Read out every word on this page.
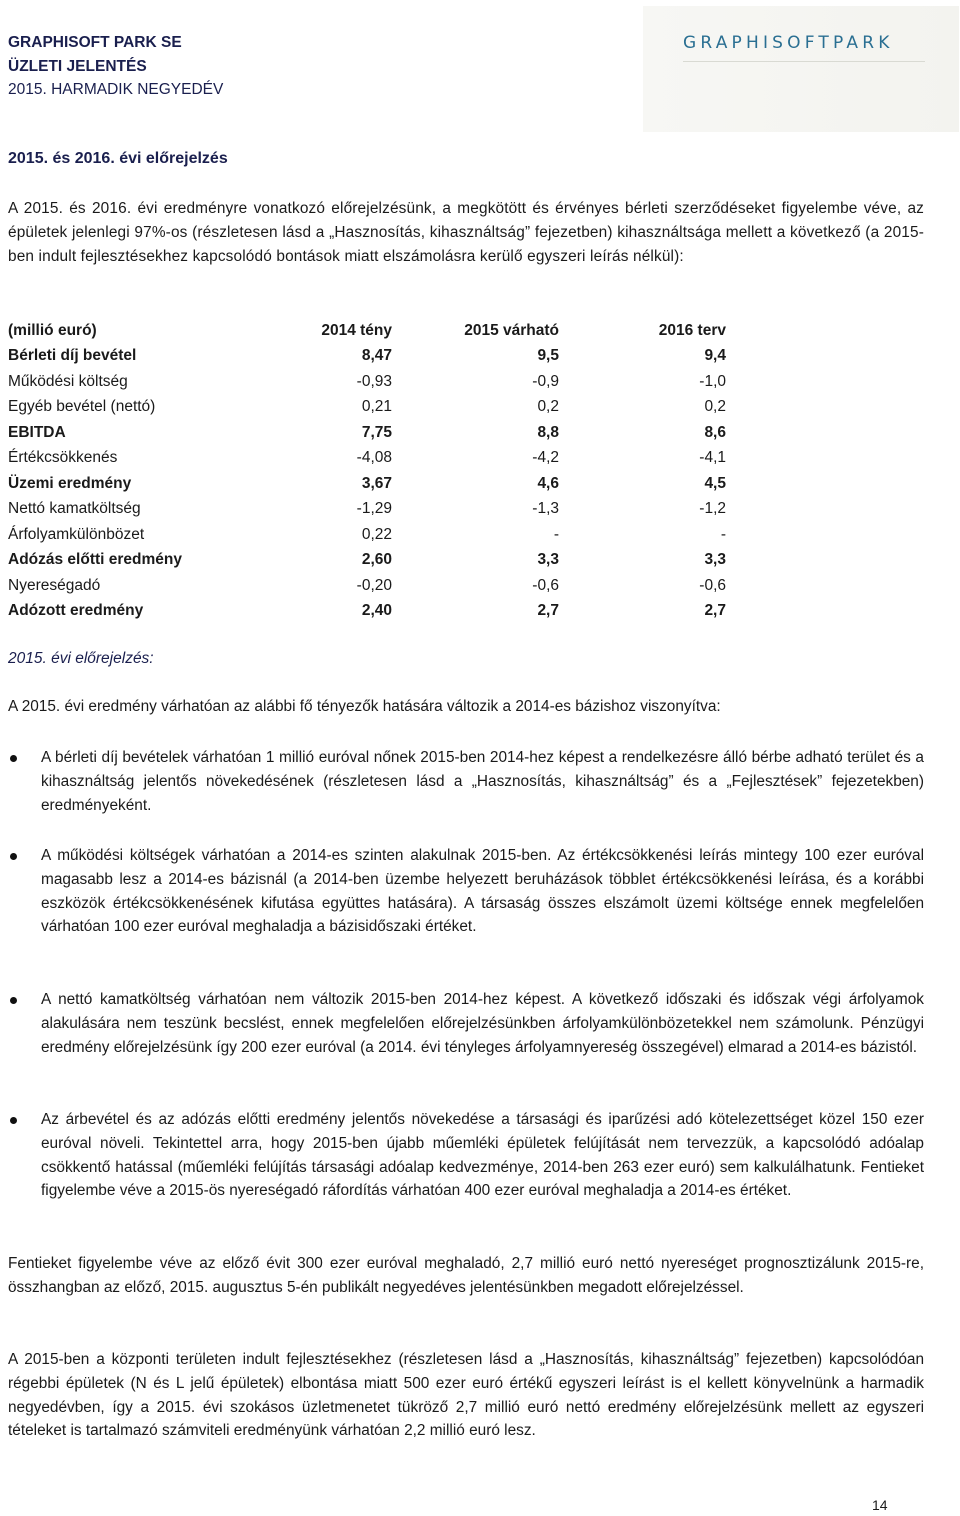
GRAPHISOFT PARK SE
ÜZLETI JELENTÉS
2015. HARMADIK NEGYEDÉV
GRAPHISOFTPARK
2015. és 2016. évi előrejelzés
A 2015. és 2016. évi eredményre vonatkozó előrejelzésünk, a megkötött és érvényes bérleti szerződéseket figyelembe véve, az épületek jelenlegi 97%-os (részletesen lásd a „Hasznosítás, kihasználtság” fejezetben) kihasználtsága mellett a következő (a 2015-ben indult fejlesztésekhez kapcsolódó bontások miatt elszámolásra kerülő egyszeri leírás nélkül):
(millió euró)	2014 tény	2015 várható	2016 terv
Bérleti díj bevétel	8,47	9,5	9,4
Működési költség	-0,93	-0,9	-1,0
Egyéb bevétel (nettó)	0,21	0,2	0,2
EBITDA	7,75	8,8	8,6
Értékcsökkenés	-4,08	-4,2	-4,1
Üzemi eredmény	3,67	4,6	4,5
Nettó kamatköltség	-1,29	-1,3	-1,2
Árfolyamkülönbözet	0,22	-	-
Adózás előtti eredmény	2,60	3,3	3,3
Nyereségadó	-0,20	-0,6	-0,6
Adózott eredmény	2,40	2,7	2,7
2015. évi előrejelzés:
A 2015. évi eredmény várhatóan az alábbi fő tényezők hatására változik a 2014-es bázishoz viszonyítva:
A bérleti díj bevételek várhatóan 1 millió euróval nőnek 2015-ben 2014-hez képest a rendelkezésre álló bérbe adható terület és a kihasználtság jelentős növekedésének (részletesen lásd a „Hasznosítás, kihasználtság” és a „Fejlesztések” fejezetekben) eredményeként.
A működési költségek várhatóan a 2014-es szinten alakulnak 2015-ben. Az értékcsökkenési leírás mintegy 100 ezer euróval magasabb lesz a 2014-es bázisnál (a 2014-ben üzembe helyezett beruházások többlet értékcsökkenési leírása, és a korábbi eszközök értékcsökkenésének kifutása együttes hatására). A társaság összes elszámolt üzemi költsége ennek megfelelően várhatóan 100 ezer euróval meghaladja a bázisidőszaki értéket.
A nettó kamatköltség várhatóan nem változik 2015-ben 2014-hez képest. A következő időszaki és időszak végi árfolyamok alakulására nem teszünk becslést, ennek megfelelően előrejelzésünkben árfolyamkülönbözetekkel nem számolunk. Pénzügyi eredmény előrejelzésünk így 200 ezer euróval (a 2014. évi tényleges árfolyamnyereség összegével) elmarad a 2014-es bázistól.
Az árbevétel és az adózás előtti eredmény jelentős növekedése a társasági és iparűzési adó kötelezettséget közel 150 ezer euróval növeli. Tekintettel arra, hogy 2015-ben újabb műemléki épületek felújítását nem tervezzük, a kapcsolódó adóalap csökkentő hatással (műemléki felújítás társasági adóalap kedvezménye, 2014-ben 263 ezer euró) sem kalkulálhatunk. Fentieket figyelembe véve a 2015-ös nyereségadó ráfordítás várhatóan 400 ezer euróval meghaladja a 2014-es értéket.
Fentieket figyelembe véve az előző évit 300 ezer euróval meghaladó, 2,7 millió euró nettó nyereséget prognosztizálunk 2015-re, összhangban az előző, 2015. augusztus 5-én publikált negyedéves jelentésünkben megadott előrejelzéssel.
A 2015-ben a központi területen indult fejlesztésekhez (részletesen lásd a „Hasznosítás, kihasználtság” fejezetben) kapcsolódóan régebbi épületek (N és L jelű épületek) elbontása miatt 500 ezer euró értékű egyszeri leírást is el kellett könyvelnünk a harmadik negyedévben, így a 2015. évi szokásos üzletmenetet tükröző 2,7 millió euró nettó eredmény előrejelzésünk mellett az egyszeri tételeket is tartalmazó számviteli eredményünk várhatóan 2,2 millió euró lesz.
14
